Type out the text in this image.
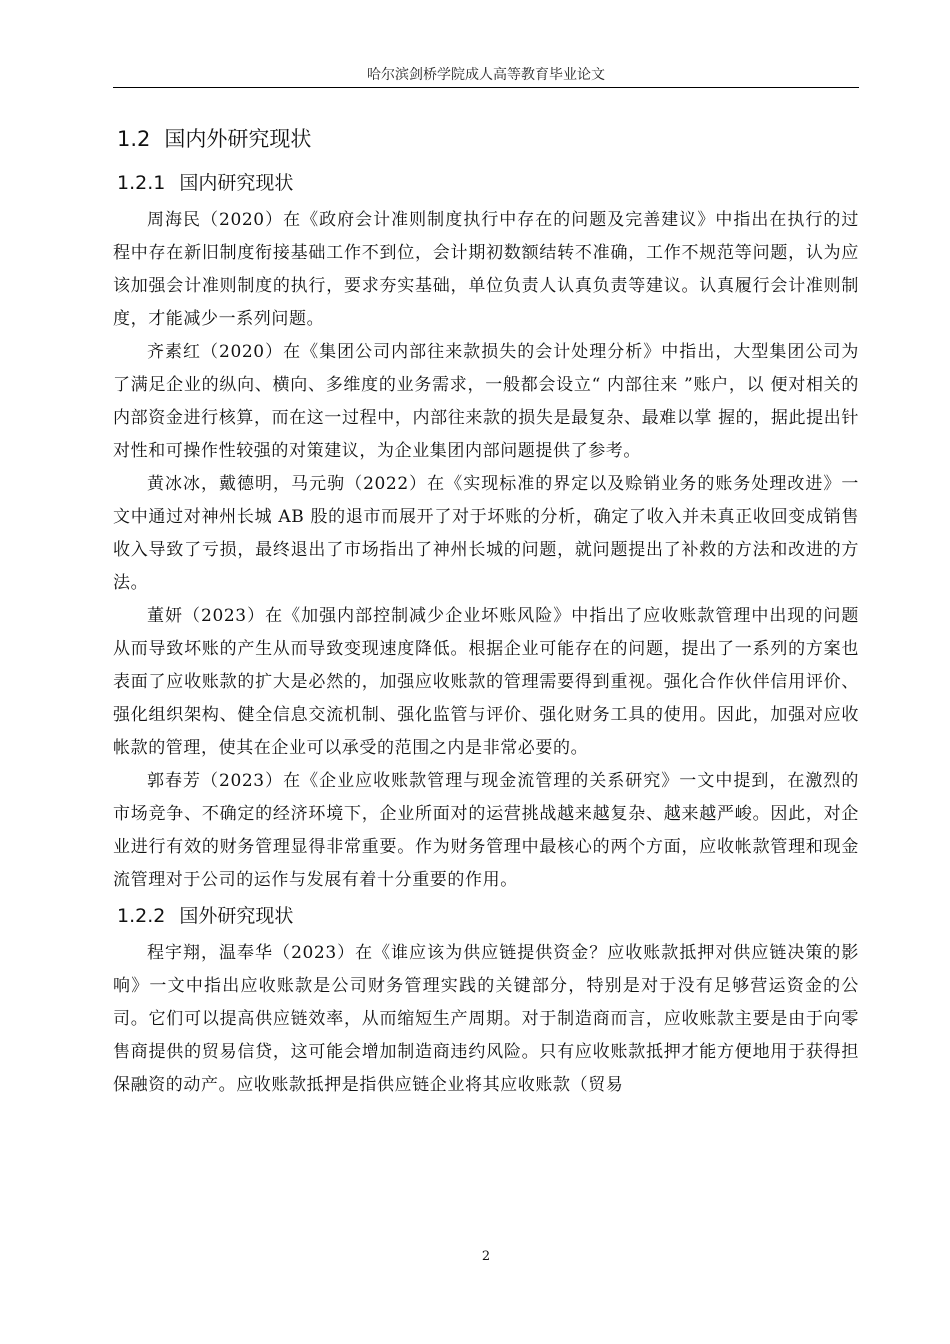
哈尔滨剑桥学院成人高等教育毕业论文
1.2 国内外研究现状
1.2.1 国内研究现状

周海民（2020）在《政府会计准则制度执行中存在的问题及完善建议》中指出在执行的过程中存在新旧制度衔接基础工作不到位，会计期初数额结转不准确，工作不规范等问题，认为应该加强会计准则制度的执行，要求夯实基础，单位负责人认真负责等建议。认真履行会计准则制度，才能减少一系列问题。

齐素红（2020）在《集团公司内部往来款损失的会计处理分析》中指出，大型集团公司为了满足企业的纵向、横向、多维度的业务需求，一般都会设立“ 内部往来 ”账户，以 便对相关的内部资金进行核算，而在这一过程中，内部往来款的损失是最复杂、最难以掌 握的，据此提出针对性和可操作性较强的对策建议，为企业集团内部问题提供了参考。

黄冰冰，戴德明，马元驹（2022）在《实现标准的界定以及赊销业务的账务处理改进》一文中通过对神州长城 AB 股的退市而展开了对于坏账的分析，确定了收入并未真正收回变成销售收入导致了亏损，最终退出了市场指出了神州长城的问题，就问题提出了补救的方法和改进的方法。

董妍（2023）在《加强内部控制减少企业坏账风险》中指出了应收账款管理中出现的问题从而导致坏账的产生从而导致变现速度降低。根据企业可能存在的问题，提出了一系列的方案也表面了应收账款的扩大是必然的，加强应收账款的管理需要得到重视。强化合作伙伴信用评价、强化组织架构、健全信息交流机制、强化监管与评价、强化财务工具的使用。因此，加强对应收帐款的管理，使其在企业可以承受的范围之内是非常必要的。

郭春芳（2023）在《企业应收账款管理与现金流管理的关系研究》一文中提到，在激烈的市场竞争、不确定的经济环境下，企业所面对的运营挑战越来越复杂、越来越严峻。因此，对企业进行有效的财务管理显得非常重要。作为财务管理中最核心的两个方面，应收帐款管理和现金流管理对于公司的运作与发展有着十分重要的作用。

1.2.2 国外研究现状

程宇翔，温奉华（2023）在《谁应该为供应链提供资金？应收账款抵押对供应链决策的影响》一文中指出应收账款是公司财务管理实践的关键部分，特别是对于没有足够营运资金的公司。它们可以提高供应链效率，从而缩短生产周期。对于制造商而言，应收账款主要是由于向零售商提供的贸易信贷，这可能会增加制造商违约风险。只有应收账款抵押才能方便地用于获得担保融资的动产。应收账款抵押是指供应链企业将其应收账款（贸易

2
